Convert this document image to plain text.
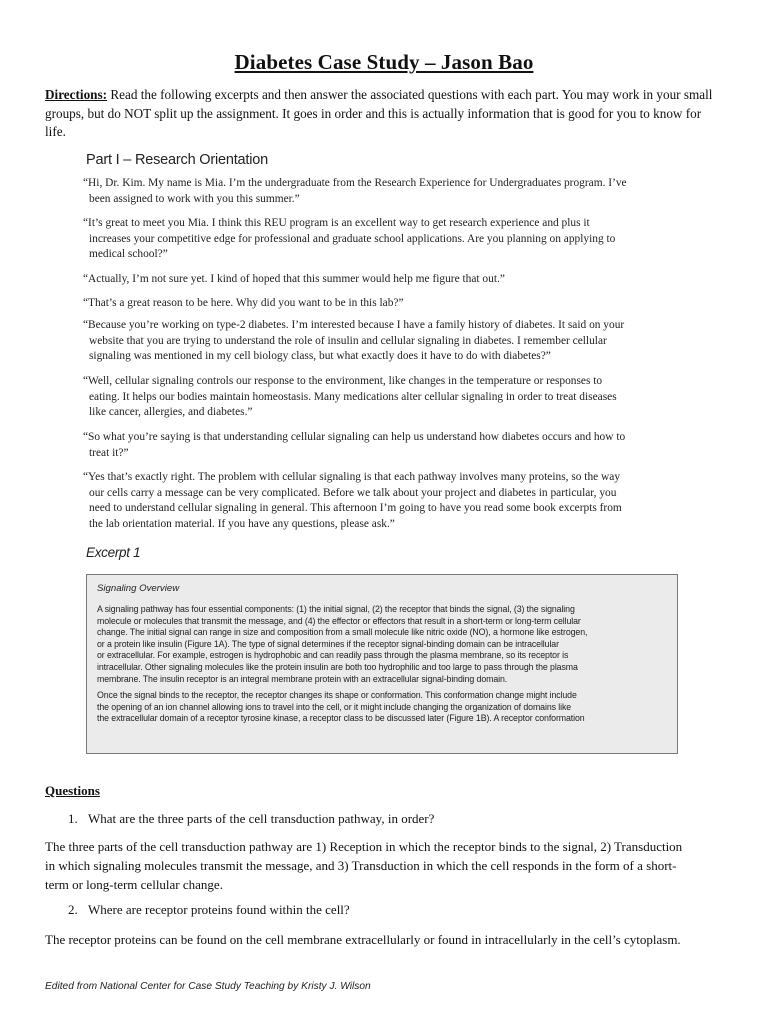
Diabetes Case Study – Jason Bao
Directions: Read the following excerpts and then answer the associated questions with each part. You may work in your small groups, but do NOT split up the assignment. It goes in order and this is actually information that is good for you to know for life.
Part I – Research Orientation
“Hi, Dr. Kim. My name is Mia. I’m the undergraduate from the Research Experience for Undergraduates program. I’ve
been assigned to work with you this summer.”
“It’s great to meet you Mia. I think this REU program is an excellent way to get research experience and plus it
increases your competitive edge for professional and graduate school applications. Are you planning on applying to
medical school?”
“Actually, I’m not sure yet. I kind of hoped that this summer would help me figure that out.”
“That’s a great reason to be here. Why did you want to be in this lab?”
“Because you’re working on type-2 diabetes. I’m interested because I have a family history of diabetes. It said on your
website that you are trying to understand the role of insulin and cellular signaling in diabetes. I remember cellular
signaling was mentioned in my cell biology class, but what exactly does it have to do with diabetes?”
“Well, cellular signaling controls our response to the environment, like changes in the temperature or responses to
eating. It helps our bodies maintain homeostasis. Many medications alter cellular signaling in order to treat diseases
like cancer, allergies, and diabetes.”
“So what you’re saying is that understanding cellular signaling can help us understand how diabetes occurs and how to
treat it?”
“Yes that’s exactly right. The problem with cellular signaling is that each pathway involves many proteins, so the way
our cells carry a message can be very complicated. Before we talk about your project and diabetes in particular, you
need to understand cellular signaling in general. This afternoon I’m going to have you read some book excerpts from
the lab orientation material. If you have any questions, please ask.”
Excerpt 1
Signaling Overview
A signaling pathway has four essential components: (1) the initial signal, (2) the receptor that binds the signal, (3) the signaling
molecule or molecules that transmit the message, and (4) the effector or effectors that result in a short-term or long-term cellular
change. The initial signal can range in size and composition from a small molecule like nitric oxide (NO), a hormone like estrogen,
or a protein like insulin (Figure 1A). The type of signal determines if the receptor signal-binding domain can be intracellular
or extracellular. For example, estrogen is hydrophobic and can readily pass through the plasma membrane, so its receptor is
intracellular. Other signaling molecules like the protein insulin are both too hydrophilic and too large to pass through the plasma
membrane. The insulin receptor is an integral membrane protein with an extracellular signal-binding domain.
Once the signal binds to the receptor, the receptor changes its shape or conformation. This conformation change might include
the opening of an ion channel allowing ions to travel into the cell, or it might include changing the organization of domains like
the extracellular domain of a receptor tyrosine kinase, a receptor class to be discussed later (Figure 1B). A receptor conformation
Questions
1. What are the three parts of the cell transduction pathway, in order?
The three parts of the cell transduction pathway are 1) Reception in which the receptor binds to the signal, 2) Transduction
in which signaling molecules transmit the message, and 3) Transduction in which the cell responds in the form of a short-
term or long-term cellular change.
2. Where are receptor proteins found within the cell?
The receptor proteins can be found on the cell membrane extracellularly or found in intracellularly in the cell’s cytoplasm.
Edited from National Center for Case Study Teaching by Kristy J. Wilson
